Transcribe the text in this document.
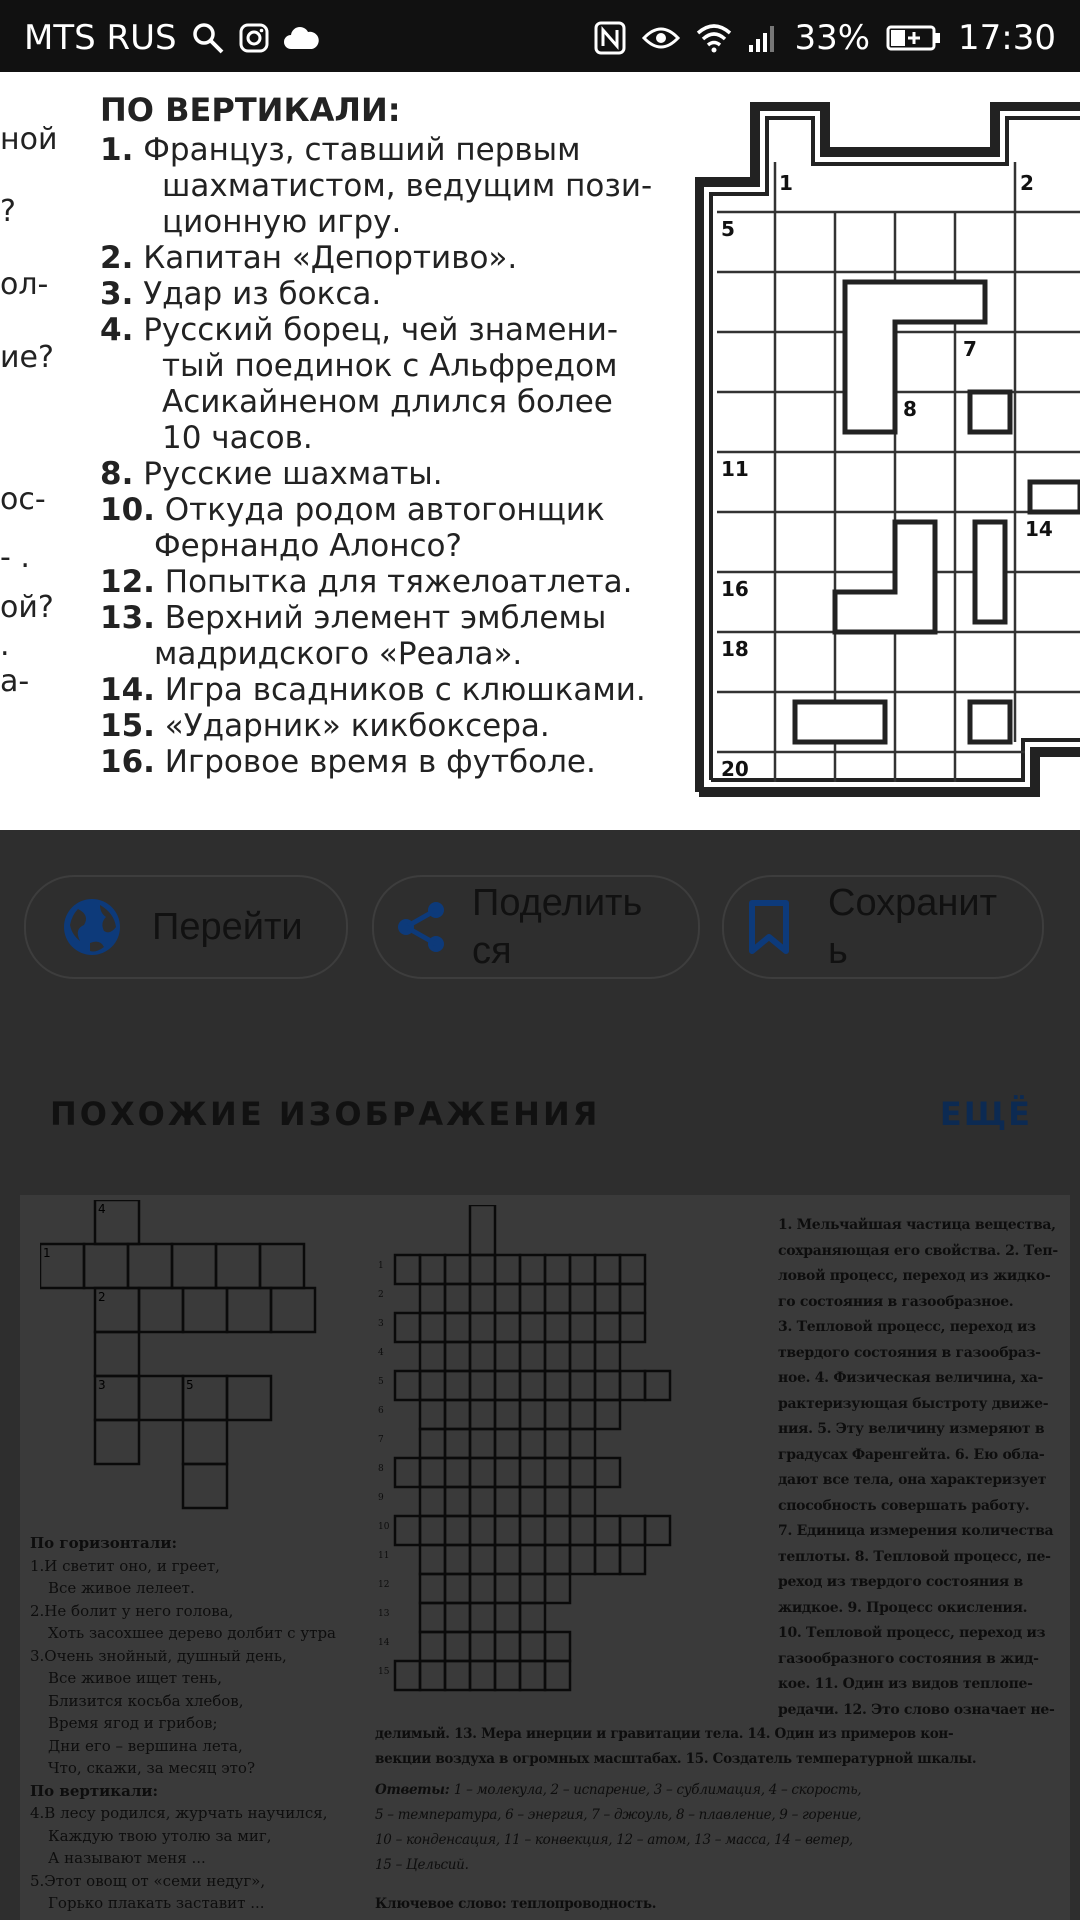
MTS RUS	33%	17:30
ной
?
ол-
ие?
ос-
- .
ой?
.
а-
ПО ВЕРТИКАЛИ:
1. Француз, ставший первым
шахматистом, ведущим пози-
ционную игру.
2. Капитан «Депортиво».
3. Удар из бокса.
4. Русский борец, чей знамени-
тый поединок с Альфредом
Асикайненом длился более
10 часов.
8. Русские шахматы.
10. Откуда родом автогонщик
Фернандо Алонсо?
12. Попытка для тяжелоатлета.
13. Верхний элемент эмблемы
мадридского «Реала».
14. Игра всадников с клюшками.
15. «Ударник» кикбоксера.
16. Игровое время в футболе.
1	2
5
7
8
11
14
16
18
20
Перейти
Поделить
ся
Сохранит
ь
ПОХОЖИЕ ИЗОБРАЖЕНИЯ	ЕЩЁ
4
1
2
3	5
По горизонтали:
1.И светит оно, и греет,
Все живое лелеет.
2.Не болит у него голова,
Хоть засохшее дерево долбит с утра
3.Очень знойный, душный день,
Все живое ищет тень,
Близится косьба хлебов,
Время ягод и грибов;
Дни его – вершина лета,
Что, скажи, за месяц это?
По вертикали:
4.В лесу родился, журчать научился,
Каждую твою утолю за миг,
А называют меня ...
5.Этот овощ от «семи недуг»,
Горько плакать заставит ...
1
2
3
4
5
6
7
8
9
10
11
12
13
14
15
1. Мельчайшая частица вещества,
сохраняющая его свойства. 2. Теп-
ловой процесс, переход из жидко-
го состояния в газообразное.
3. Тепловой процесс, переход из
твердого состояния в газообраз-
ное. 4. Физическая величина, ха-
рактеризующая быстроту движе-
ния. 5. Эту величину измеряют в
градусах Фаренгейта. 6. Ею обла-
дают все тела, она характеризует
способность совершать работу.
7. Единица измерения количества
теплоты. 8. Тепловой процесс, пе-
реход из твердого состояния в
жидкое. 9. Процесс окисления.
10. Тепловой процесс, переход из
газообразного состояния в жид-
кое. 11. Один из видов теплопе-
редачи. 12. Это слово означает не-
делимый. 13. Мера инерции и гравитации тела. 14. Один из примеров кон-
векции воздуха в огромных масштабах. 15. Создатель температурной шкалы.
Ответы: 1 – молекула, 2 – испарение, 3 – сублимация, 4 – скорость,
5 – температура, 6 – энергия, 7 – джоуль, 8 – плавление, 9 – горение,
10 – конденсация, 11 – конвекция, 12 – атом, 13 – масса, 14 – ветер,
15 – Цельсий.
Ключевое слово: теплопроводность.
